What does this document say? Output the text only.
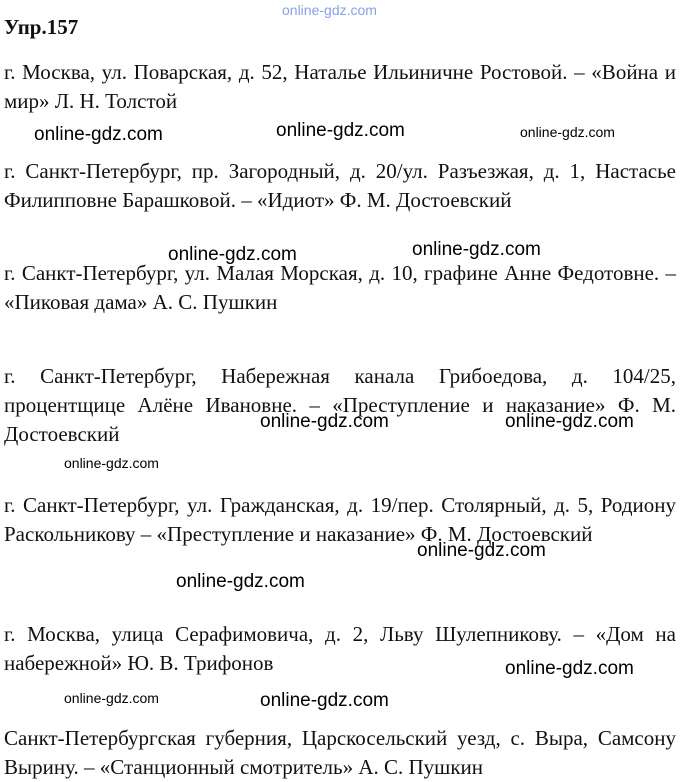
online-gdz.com
Упр.157
г. Москва, ул. Поварская, д. 52, Наталье Ильиничне Ростовой. – «Война и мир» Л. Н. Толстой
г. Санкт-Петербург, пр. Загородный, д. 20/ул. Разъезжая, д. 1, Настасье Филипповне Барашковой. – «Идиот» Ф. М. Достоевский
г. Санкт-Петербург, ул. Малая Морская, д. 10, графине Анне Федотовне. – «Пиковая дама» А. С. Пушкин
г. Санкт-Петербург, Набережная канала Грибоедова, д. 104/25, процентщице Алёне Ивановне. – «Преступление и наказание» Ф. М. Достоевский
г. Санкт-Петербург, ул. Гражданская, д. 19/пер. Столярный, д. 5, Родиону Раскольникову – «Преступление и наказание» Ф. М. Достоевский
г. Москва, улица Серафимовича, д. 2, Льву Шулепникову. – «Дом на набережной» Ю. В. Трифонов
Санкт-Петербургская губерния, Царскосельский уезд, с. Выра, Самсону Вырину. – «Станционный смотритель» А. С. Пушкин
online-gdz.com	online-gdz.com	online-gdz.com
online-gdz.com	online-gdz.com
online-gdz.com	online-gdz.com
online-gdz.com
online-gdz.com
online-gdz.com
online-gdz.com
online-gdz.com	online-gdz.com
